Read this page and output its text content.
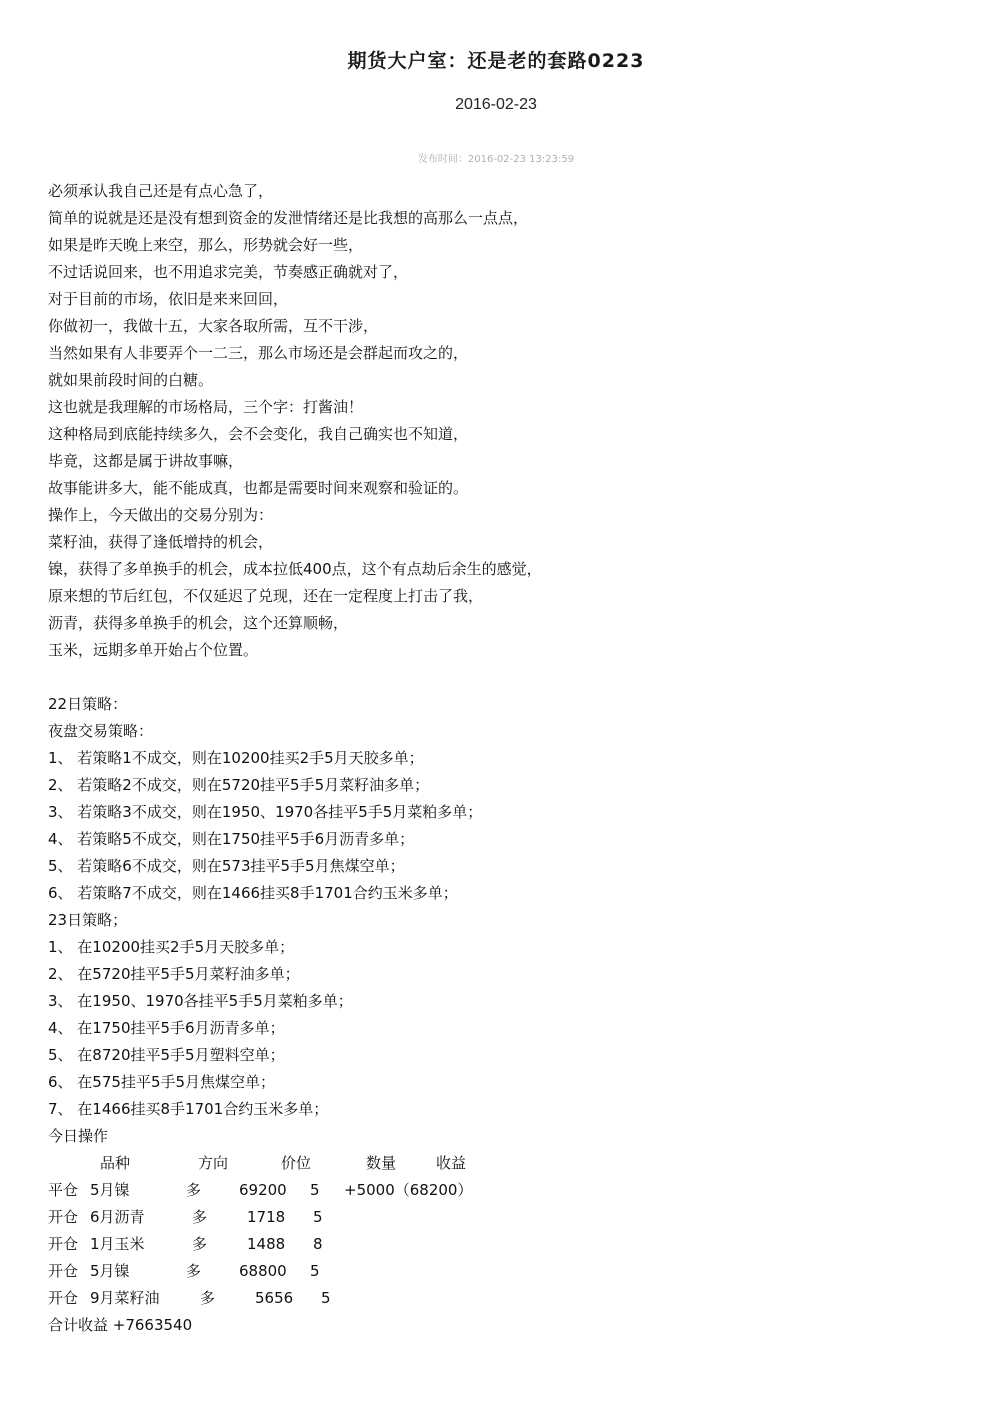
期货大户室：还是老的套路0223
2016-02-23
发布时间：2016-02-23 13:23:59
必须承认我自己还是有点心急了，
简单的说就是还是没有想到资金的发泄情绪还是比我想的高那么一点点，
如果是昨天晚上来空，那么，形势就会好一些，
不过话说回来，也不用追求完美，节奏感正确就对了，
对于目前的市场，依旧是来来回回，
你做初一，我做十五，大家各取所需，互不干涉，
当然如果有人非要弄个一二三，那么市场还是会群起而攻之的，
就如果前段时间的白糖。
这也就是我理解的市场格局，三个字：打酱油！
这种格局到底能持续多久，会不会变化，我自己确实也不知道，
毕竟，这都是属于讲故事嘛，
故事能讲多大，能不能成真，也都是需要时间来观察和验证的。
操作上，今天做出的交易分别为：
菜籽油，获得了逢低增持的机会，
镍，获得了多单换手的机会，成本拉低400点，这个有点劫后余生的感觉，
原来想的节后红包，不仅延迟了兑现，还在一定程度上打击了我，
沥青，获得多单换手的机会，这个还算顺畅，
玉米，远期多单开始占个位置。
22日策略：
夜盘交易策略：
1、 若策略1不成交，则在10200挂买2手5月天胶多单；
2、 若策略2不成交，则在5720挂平5手5月菜籽油多单；
3、 若策略3不成交，则在1950、1970各挂平5手5月菜粕多单；
4、 若策略5不成交，则在1750挂平5手6月沥青多单；
5、 若策略6不成交，则在573挂平5手5月焦煤空单；
6、 若策略7不成交，则在1466挂买8手1701合约玉米多单；
23日策略；
1、 在10200挂买2手5月天胶多单；
2、 在5720挂平5手5月菜籽油多单；
3、 在1950、1970各挂平5手5月菜粕多单；
4、 在1750挂平5手6月沥青多单；
5、 在8720挂平5手5月塑料空单；
6、 在575挂平5手5月焦煤空单；
7、 在1466挂买8手1701合约玉米多单；
今日操作
品种	方向	价位	数量	收益
平仓 5月镍	多	69200 5 +5000（68200）
开仓 6月沥青	多	1718 5
开仓 1月玉米	多	1488 8
开仓 5月镍	多	68800 5
开仓 9月菜籽油	多	5656 5
合计收益 +7663540
